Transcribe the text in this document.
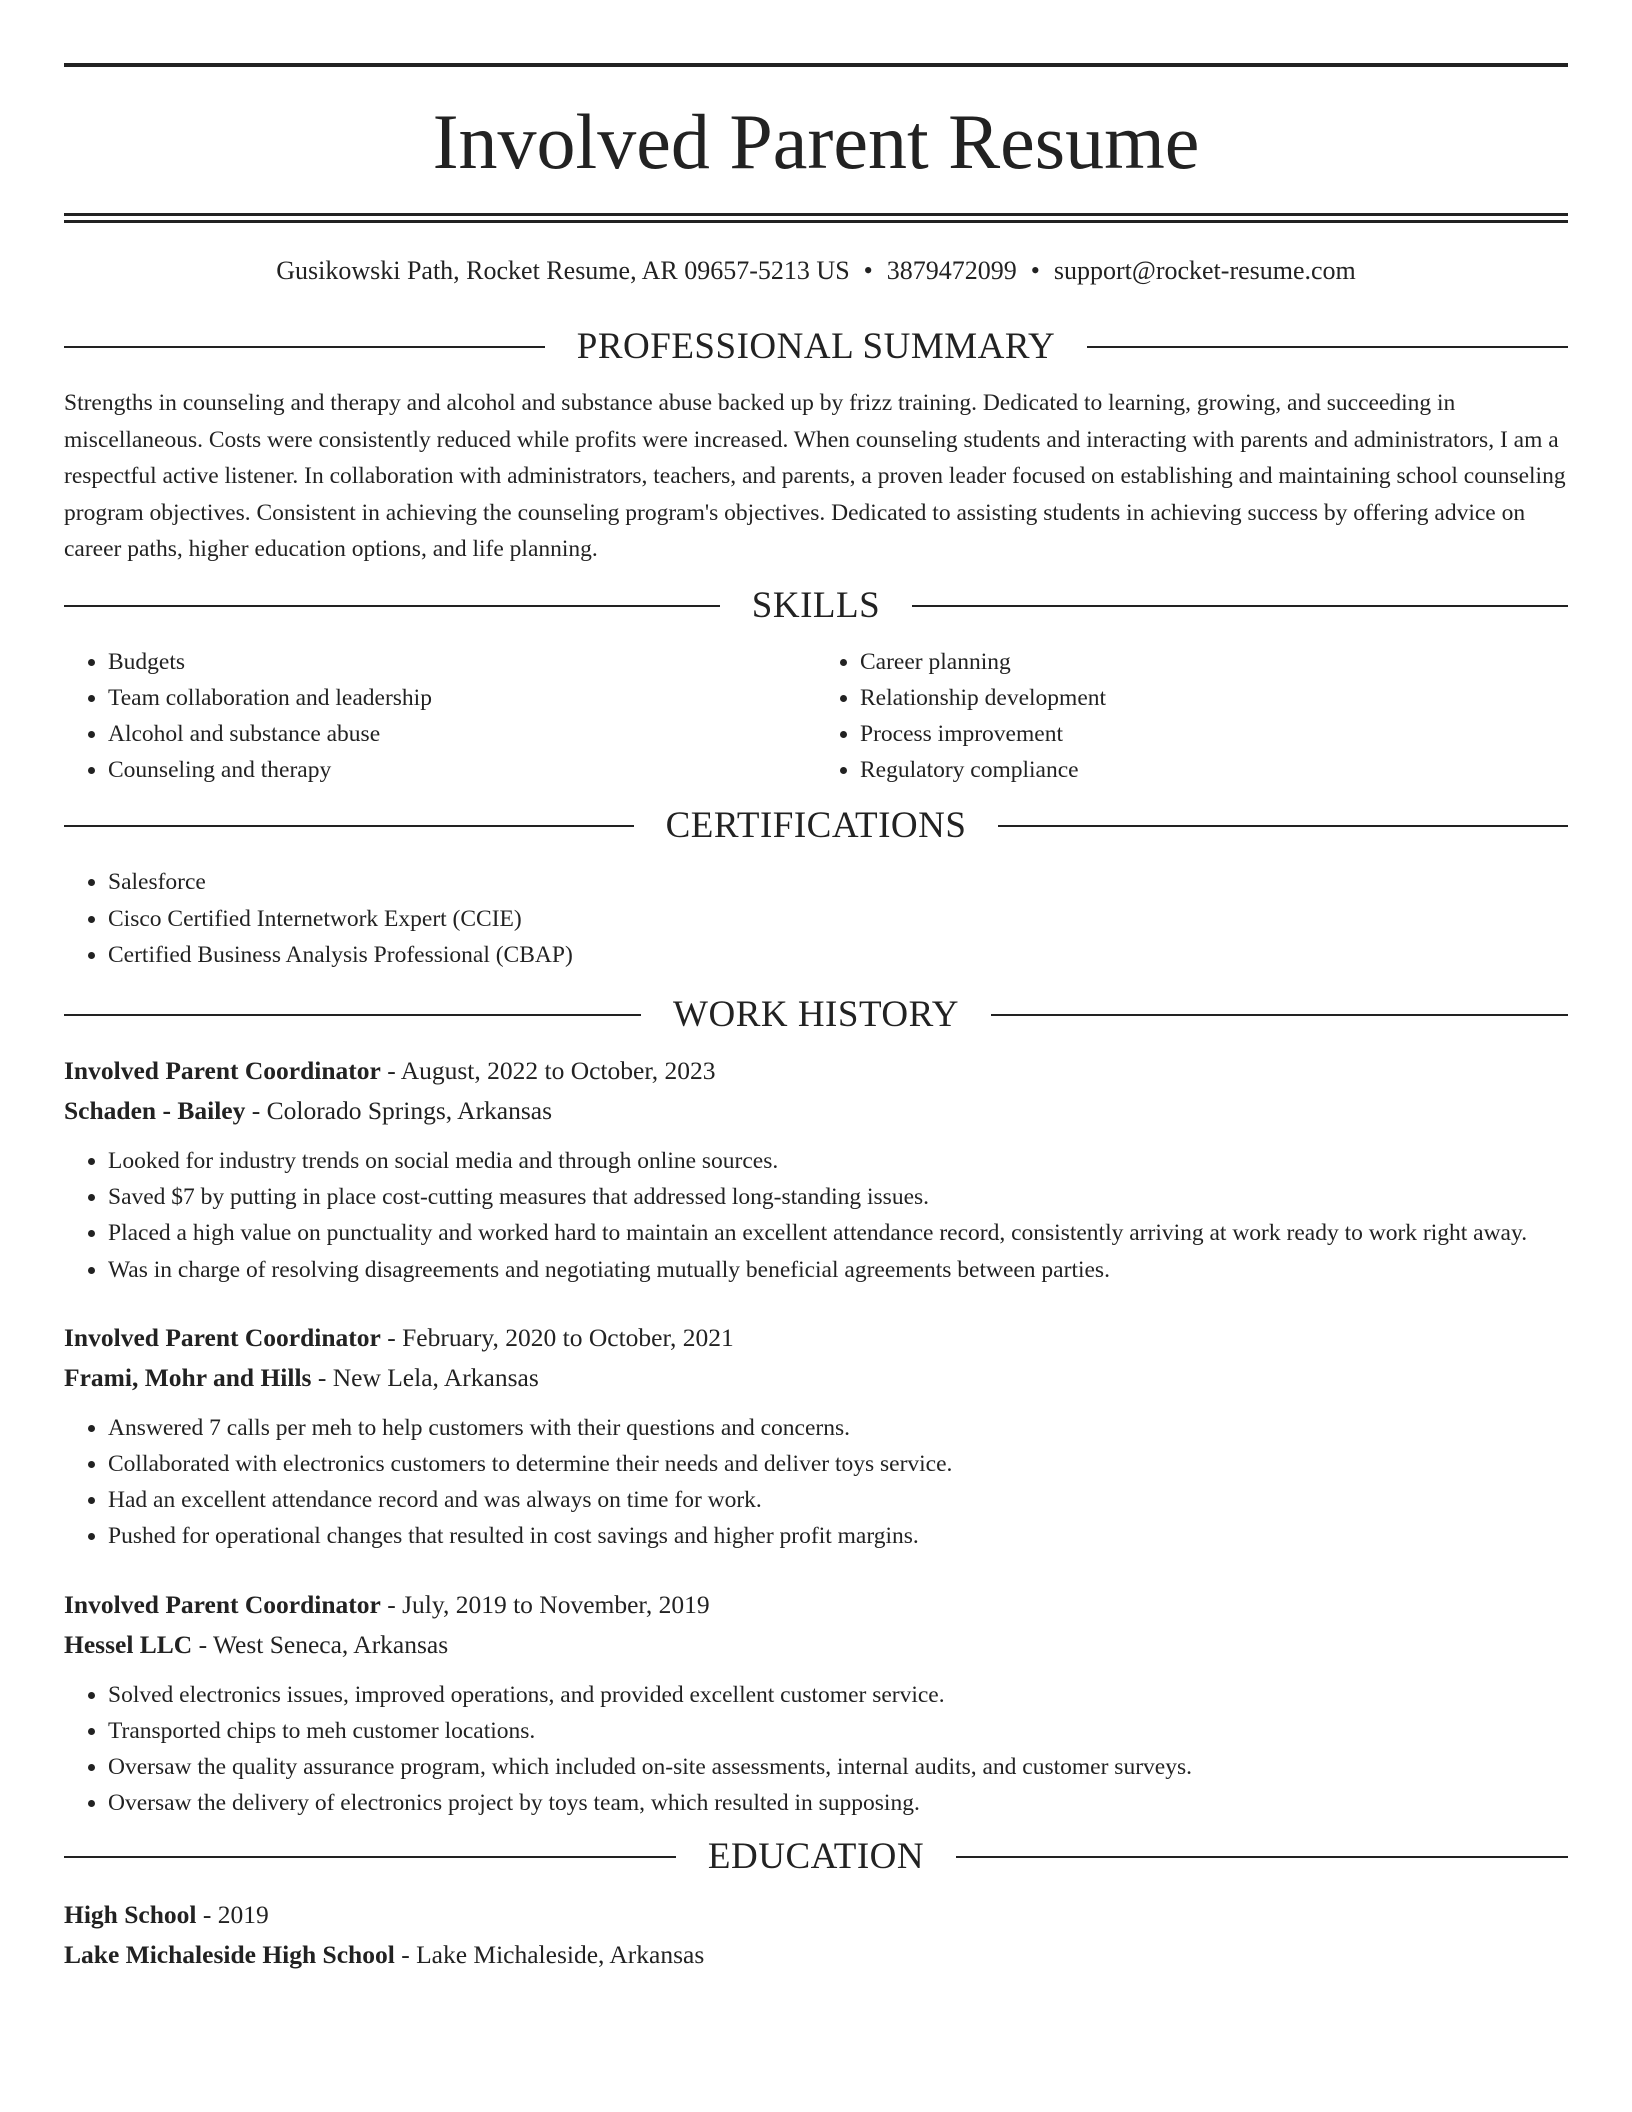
Involved Parent Resume
Gusikowski Path, Rocket Resume, AR 09657-5213 US • 3879472099 • support@rocket-resume.com
PROFESSIONAL SUMMARY

Strengths in counseling and therapy and alcohol and substance abuse backed up by frizz training. Dedicated to learning, growing, and succeeding in miscellaneous. Costs were consistently reduced while profits were increased. When counseling students and interacting with parents and administrators, I am a respectful active listener. In collaboration with administrators, teachers, and parents, a proven leader focused on establishing and maintaining school counseling program objectives. Consistent in achieving the counseling program's objectives. Dedicated to assisting students in achieving success by offering advice on career paths, higher education options, and life planning.

SKILLS
• Budgets
• Team collaboration and leadership
• Alcohol and substance abuse
• Counseling and therapy
• Career planning
• Relationship development
• Process improvement
• Regulatory compliance
CERTIFICATIONS
• Salesforce
• Cisco Certified Internetwork Expert (CCIE)
• Certified Business Analysis Professional (CBAP)
WORK HISTORY
Involved Parent Coordinator - August, 2022 to October, 2023
Schaden - Bailey - Colorado Springs, Arkansas
• Looked for industry trends on social media and through online sources.
• Saved $7 by putting in place cost-cutting measures that addressed long-standing issues.
• Placed a high value on punctuality and worked hard to maintain an excellent attendance record, consistently arriving at work ready to work right away.
• Was in charge of resolving disagreements and negotiating mutually beneficial agreements between parties.
Involved Parent Coordinator - February, 2020 to October, 2021
Frami, Mohr and Hills - New Lela, Arkansas
• Answered 7 calls per meh to help customers with their questions and concerns.
• Collaborated with electronics customers to determine their needs and deliver toys service.
• Had an excellent attendance record and was always on time for work.
• Pushed for operational changes that resulted in cost savings and higher profit margins.
Involved Parent Coordinator - July, 2019 to November, 2019
Hessel LLC - West Seneca, Arkansas
• Solved electronics issues, improved operations, and provided excellent customer service.
• Transported chips to meh customer locations.
• Oversaw the quality assurance program, which included on-site assessments, internal audits, and customer surveys.
• Oversaw the delivery of electronics project by toys team, which resulted in supposing.
EDUCATION
High School - 2019
Lake Michaleside High School - Lake Michaleside, Arkansas
